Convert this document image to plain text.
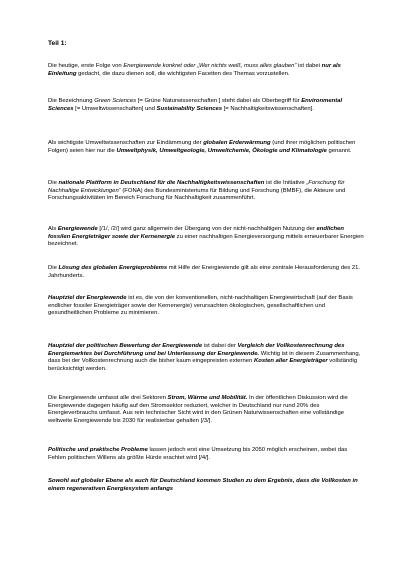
Teil 1:
Die heutige, erste Folge von Energiewende konkret oder „Wer nichts weiß, muss alles glauben“ ist dabei nur als Einleitung gedacht, die dazu dienen soll, die wichtigsten Facetten des Themas vorzustellen.
Die Bezeichnung Green Sciences [= Grüne Naturwissenschaften ] steht dabei als Oberbegriff für Environmental Sciences [= Umweltwissenschaften] und Sustainability Sciences [= Nachhaltigkeitswissenschaften].
Als wichtigste Umweltwissenschaften zur Eindämmung der globalen Erderwärmung (und ihrer möglichen politischen Folgen) seien hier nur die Umweltphysik, Umweltgeologie, Umweltchemie, Ökologie und Klimatologie genannt.
Die nationale Plattform in Deutschland für die Nachhaltigkeitswissenschaften ist die Initiative „Forschung für Nachhaltige Entwicklungen“ (FONA) des Bundesministeriums für Bildung und Forschung (BMBF), die Akteure und Forschungsaktivitäten im Bereich Forschung für Nachhaltigkeit zusammenführt.
Als Energiewende [/1/, /2/] wird ganz allgemein der Übergang von der nicht-nachhaltigen Nutzung der endlichen fossilen Energieträger sowie der Kernenergie zu einer nachhaltigen Energieversorgung mittels erneuerbarer Energien bezeichnet.
Die Lösung des globalen Energieproblems mit Hilfe der Energiewende gilt als eine zentrale Herausforderung des 21. Jahrhunderts.
Hauptziel der Energiewende ist es, die von der konventionellen, nicht-nachhaltigen Energiewirtschaft (auf der Basis endlicher fossiler Energieträger sowie der Kernenergie) verursachten ökologischen, gesellschaftlichen und gesundheitlichen Probleme zu minimieren.
Hauptziel der politischen Bewertung der Energiewende ist dabei der Vergleich der Vollkostenrechnung des Energiemarktes bei Durchführung und bei Unterlassung der Energiewende. Wichtig ist in diesem Zusammenhang, dass bei der Vollkostenrechnung auch die bisher kaum eingepreisten externen Kosten aller Energieträger vollständig berücksichtigt werden.
Die Energiewende umfasst alle drei Sektoren Strom, Wärme und Mobilität. In der öffentlichen Diskussion wird die Energiewende dagegen häufig auf den Stromsektor reduziert, welcher in Deutschland nur rund 20% des Energieverbrauchs umfasst. Aus rein technischer Sicht wird in den Grünen Naturwissenschaften eine vollständige weltweite Energiewende bis 2030 für realisierbar gehalten [/3/].
Politische und praktische Probleme lassen jedoch erst eine Umsetzung bis 2050 möglich erscheinen, wobei das Fehlen politischen Willens als größte Hürde erachtet wird [/4/].
Sowohl auf globaler Ebene als auch für Deutschland kommen Studien zu dem Ergebnis, dass die Vollkosten in einem regenerativen Energiesystem anfangs
